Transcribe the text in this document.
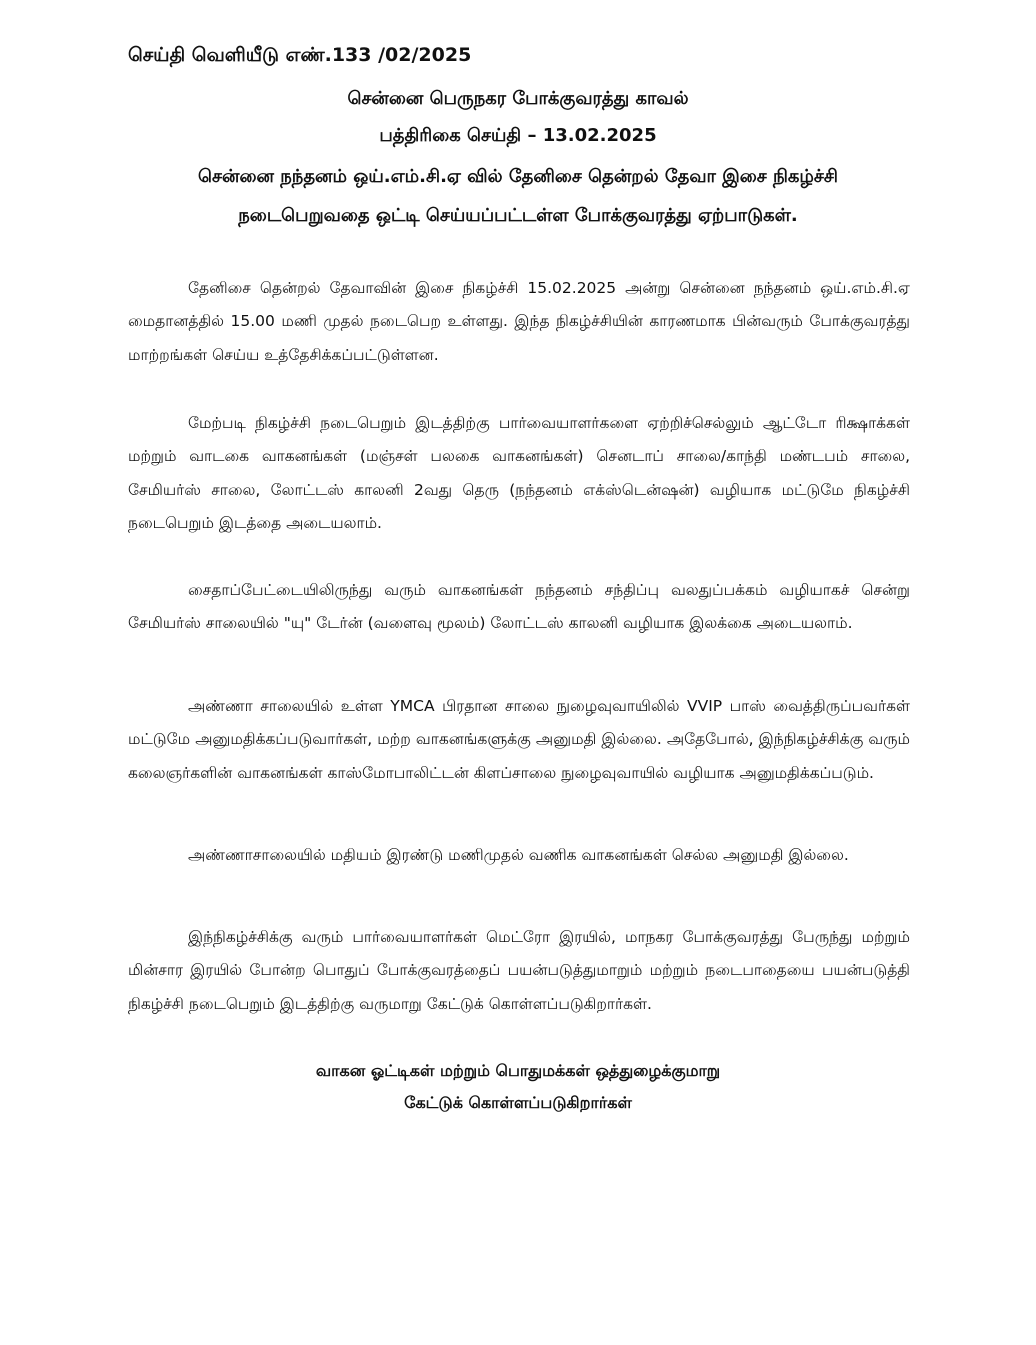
செய்தி வெளியீடு எண்.133 /02/2025
சென்னை பெருநகர போக்குவரத்து காவல்
பத்திரிகை செய்தி – 13.02.2025
சென்னை நந்தனம் ஒய்.எம்.சி.ஏ வில் தேனிசை தென்றல் தேவா இசை நிகழ்ச்சி
நடைபெறுவதை ஒட்டி செய்யப்பட்டள்ள போக்குவரத்து ஏற்பாடுகள்.

தேனிசை தென்றல் தேவாவின் இசை நிகழ்ச்சி 15.02.2025 அன்று சென்னை நந்தனம் ஒய்.எம்.சி.ஏ மைதானத்தில் 15.00 மணி முதல் நடைபெற உள்ளது. இந்த நிகழ்ச்சியின் காரணமாக பின்வரும் போக்குவரத்து மாற்றங்கள் செய்ய உத்தேசிக்கப்பட்டுள்ளன.

மேற்படி நிகழ்ச்சி நடைபெறும் இடத்திற்கு பார்வையாளர்களை ஏற்றிச்செல்லும் ஆட்டோ ரிக்ஷாக்கள் மற்றும் வாடகை வாகனங்கள் (மஞ்சள் பலகை வாகனங்கள்) செனடாப் சாலை/காந்தி மண்டபம் சாலை, சேமியர்ஸ் சாலை, லோட்டஸ் காலனி 2வது தெரு (நந்தனம் எக்ஸ்டென்ஷன்) வழியாக மட்டுமே நிகழ்ச்சி நடைபெறும் இடத்தை அடையலாம்.

சைதாப்பேட்டையிலிருந்து வரும் வாகனங்கள் நந்தனம் சந்திப்பு வலதுப்பக்கம் வழியாகச் சென்று சேமியர்ஸ் சாலையில் "யு" டேர்ன் (வளைவு மூலம்) லோட்டஸ் காலனி வழியாக இலக்கை அடையலாம்.

அண்ணா சாலையில் உள்ள YMCA பிரதான சாலை நுழைவுவாயிலில் VVIP பாஸ் வைத்திருப்பவர்கள் மட்டுமே அனுமதிக்கப்படுவார்கள், மற்ற வாகனங்களுக்கு அனுமதி இல்லை. அதேபோல், இந்நிகழ்ச்சிக்கு வரும் கலைஞர்களின் வாகனங்கள் காஸ்மோபாலிட்டன் கிளப்சாலை நுழைவுவாயில் வழியாக அனுமதிக்கப்படும்.

அண்ணாசாலையில் மதியம் இரண்டு மணிமுதல் வணிக வாகனங்கள் செல்ல அனுமதி இல்லை.

இந்நிகழ்ச்சிக்கு வரும் பார்வையாளர்கள் மெட்ரோ இரயில், மாநகர போக்குவரத்து பேருந்து மற்றும் மின்சார இரயில் போன்ற பொதுப் போக்குவரத்தைப் பயன்படுத்துமாறும் மற்றும் நடைபாதையை பயன்படுத்தி நிகழ்ச்சி நடைபெறும் இடத்திற்கு வருமாறு கேட்டுக் கொள்ளப்படுகிறார்கள்.

வாகன ஓட்டிகள் மற்றும் பொதுமக்கள் ஒத்துழைக்குமாறு
கேட்டுக் கொள்ளப்படுகிறார்கள்
